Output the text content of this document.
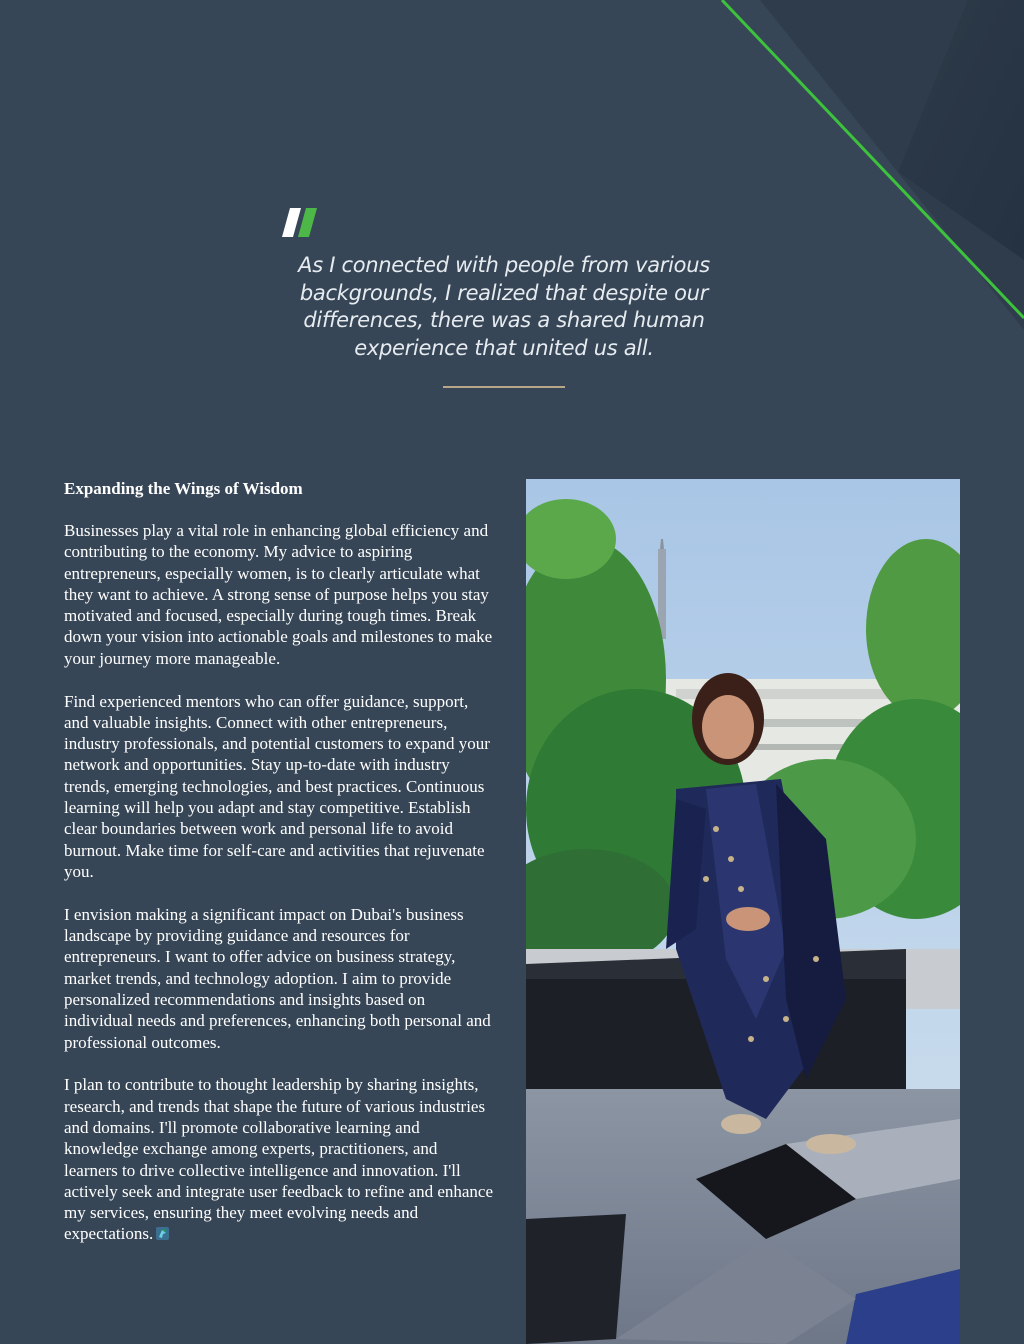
As I connected with people from various backgrounds, I realized that despite our differences, there was a shared human experience that united us all.

Expanding the Wings of Wisdom

Businesses play a vital role in enhancing global efficiency and contributing to the economy. My advice to aspiring entrepreneurs, especially women, is to clearly articulate what they want to achieve. A strong sense of purpose helps you stay motivated and focused, especially during tough times. Break down your vision into actionable goals and milestones to make your journey more manageable.

Find experienced mentors who can offer guidance, support, and valuable insights. Connect with other entrepreneurs, industry professionals, and potential customers to expand your network and opportunities. Stay up-to-date with industry trends, emerging technologies, and best practices. Continuous learning will help you adapt and stay competitive. Establish clear boundaries between work and personal life to avoid burnout. Make time for self-care and activities that rejuvenate you.

I envision making a significant impact on Dubai's business landscape by providing guidance and resources for entrepreneurs. I want to offer advice on business strategy, market trends, and technology adoption. I aim to provide personalized recommendations and insights based on individual needs and preferences, enhancing both personal and professional outcomes.

I plan to contribute to thought leadership by sharing insights, research, and trends that shape the future of various industries and domains. I'll promote collaborative learning and knowledge exchange among experts, practitioners, and learners to drive collective intelligence and innovation. I'll actively seek and integrate user feedback to refine and enhance my services, ensuring they meet evolving needs and expectations.
